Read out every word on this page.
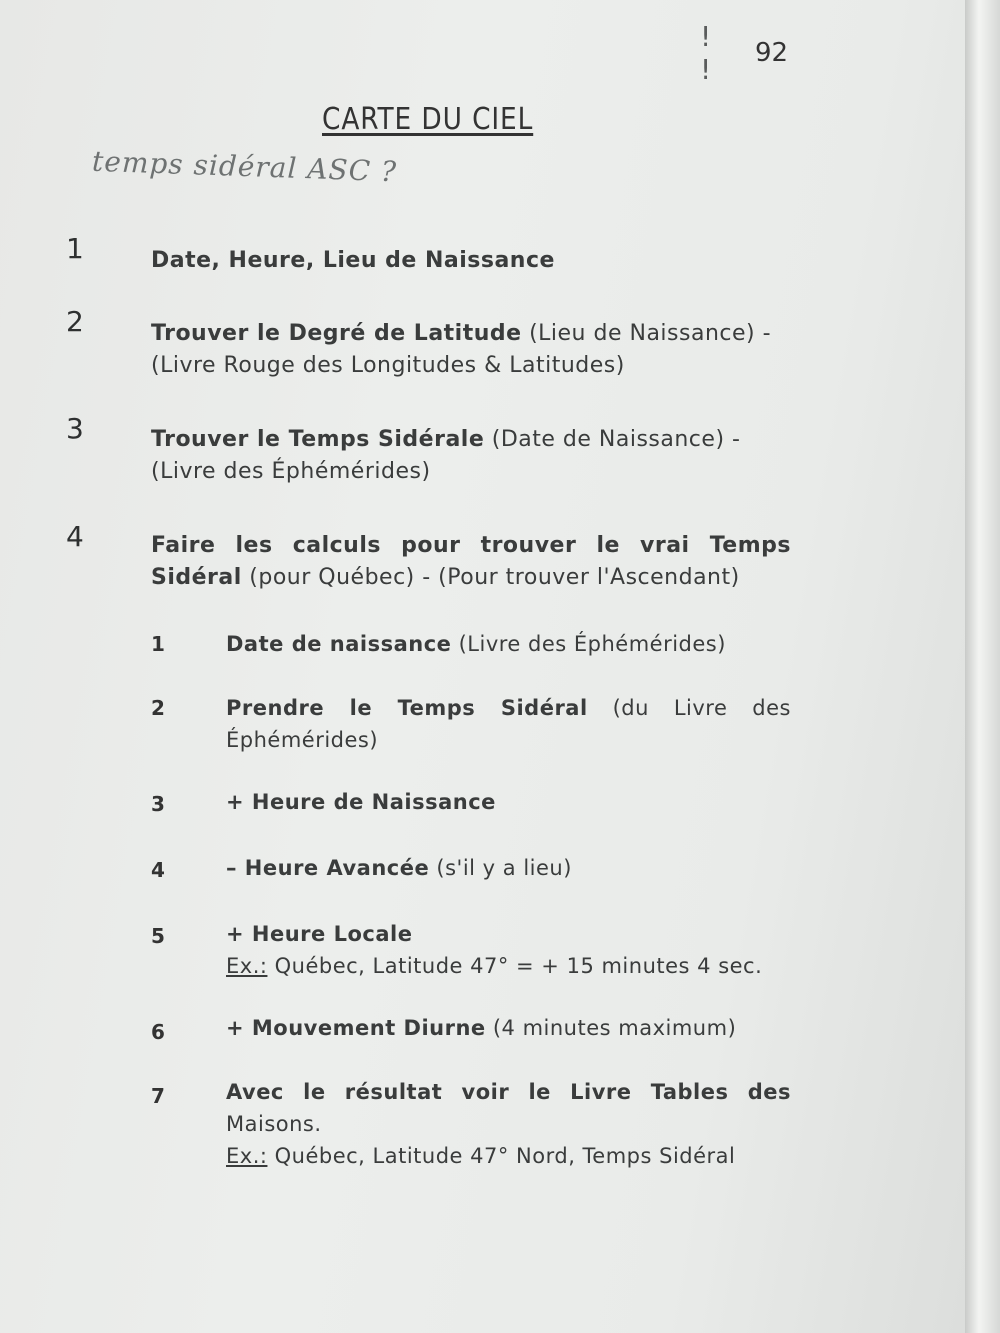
! !	92
CARTE DU CIEL
temps sidéral ASC ?
1	Date, Heure, Lieu de Naissance
2	Trouver le Degré de Latitude (Lieu de Naissance) -
(Livre Rouge des Longitudes & Latitudes)
3	Trouver le Temps Sidérale (Date de Naissance) -
(Livre des Éphémérides)
4	Faire les calculs pour trouver le vrai Temps
Sidéral (pour Québec) - (Pour trouver l'Ascendant)
1	Date de naissance (Livre des Éphémérides)
2	Prendre le Temps Sidéral (du Livre des
Éphémérides)
3	+ Heure de Naissance
4	– Heure Avancée (s'il y a lieu)
5	+ Heure Locale
Ex.: Québec, Latitude 47° = + 15 minutes 4 sec.
6	+ Mouvement Diurne (4 minutes maximum)
7	Avec le résultat voir le Livre Tables des
Maisons.
Ex.: Québec, Latitude 47° Nord, Temps Sidéral
